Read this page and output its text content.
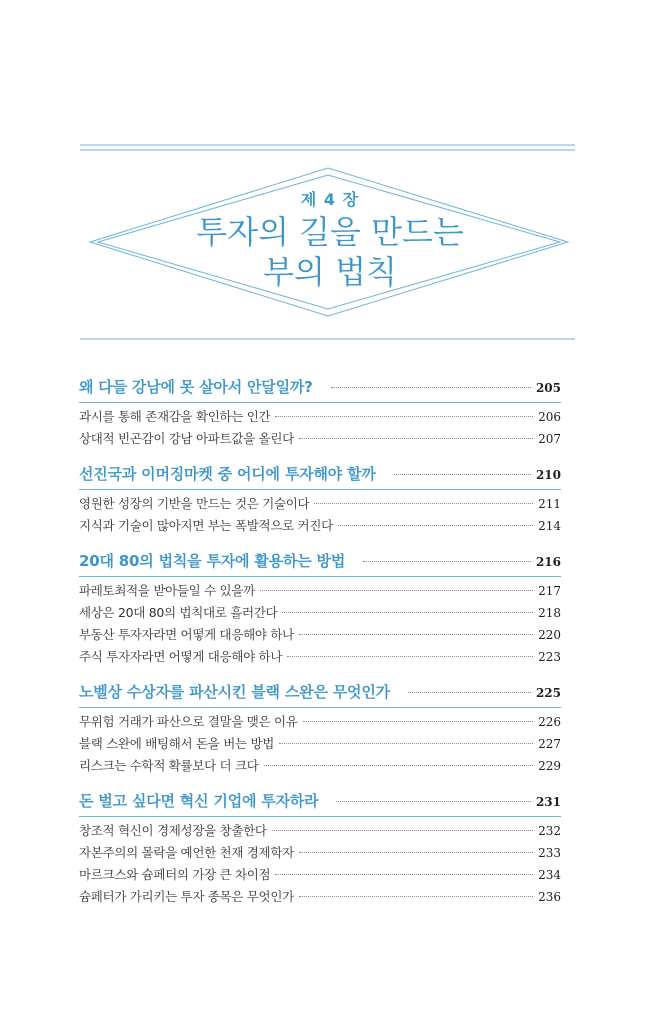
제 4 장
투자의 길을 만드는
부의 법칙
왜 다들 강남에 못 살아서 안달일까?	205
과시를 통해 존재감을 확인하는 인간	206
상대적 빈곤감이 강남 아파트값을 올린다	207
선진국과 이머징마켓 중 어디에 투자해야 할까	210
영원한 성장의 기반을 만드는 것은 기술이다	211
지식과 기술이 많아지면 부는 폭발적으로 커진다	214
20대 80의 법칙을 투자에 활용하는 방법	216
파레토최적을 받아들일 수 있을까	217
세상은 20대 80의 법칙대로 흘러간다	218
부동산 투자자라면 어떻게 대응해야 하나	220
주식 투자자라면 어떻게 대응해야 하나	223
노벨상 수상자를 파산시킨 블랙 스완은 무엇인가	225
무위험 거래가 파산으로 결말을 맺은 이유	226
블랙 스완에 배팅해서 돈을 버는 방법	227
리스크는 수학적 확률보다 더 크다	229
돈 벌고 싶다면 혁신 기업에 투자하라	231
창조적 혁신이 경제성장을 창출한다	232
자본주의의 몰락을 예언한 천재 경제학자	233
마르크스와 슘페터의 가장 큰 차이점	234
슘페터가 가리키는 투자 종목은 무엇인가	236
